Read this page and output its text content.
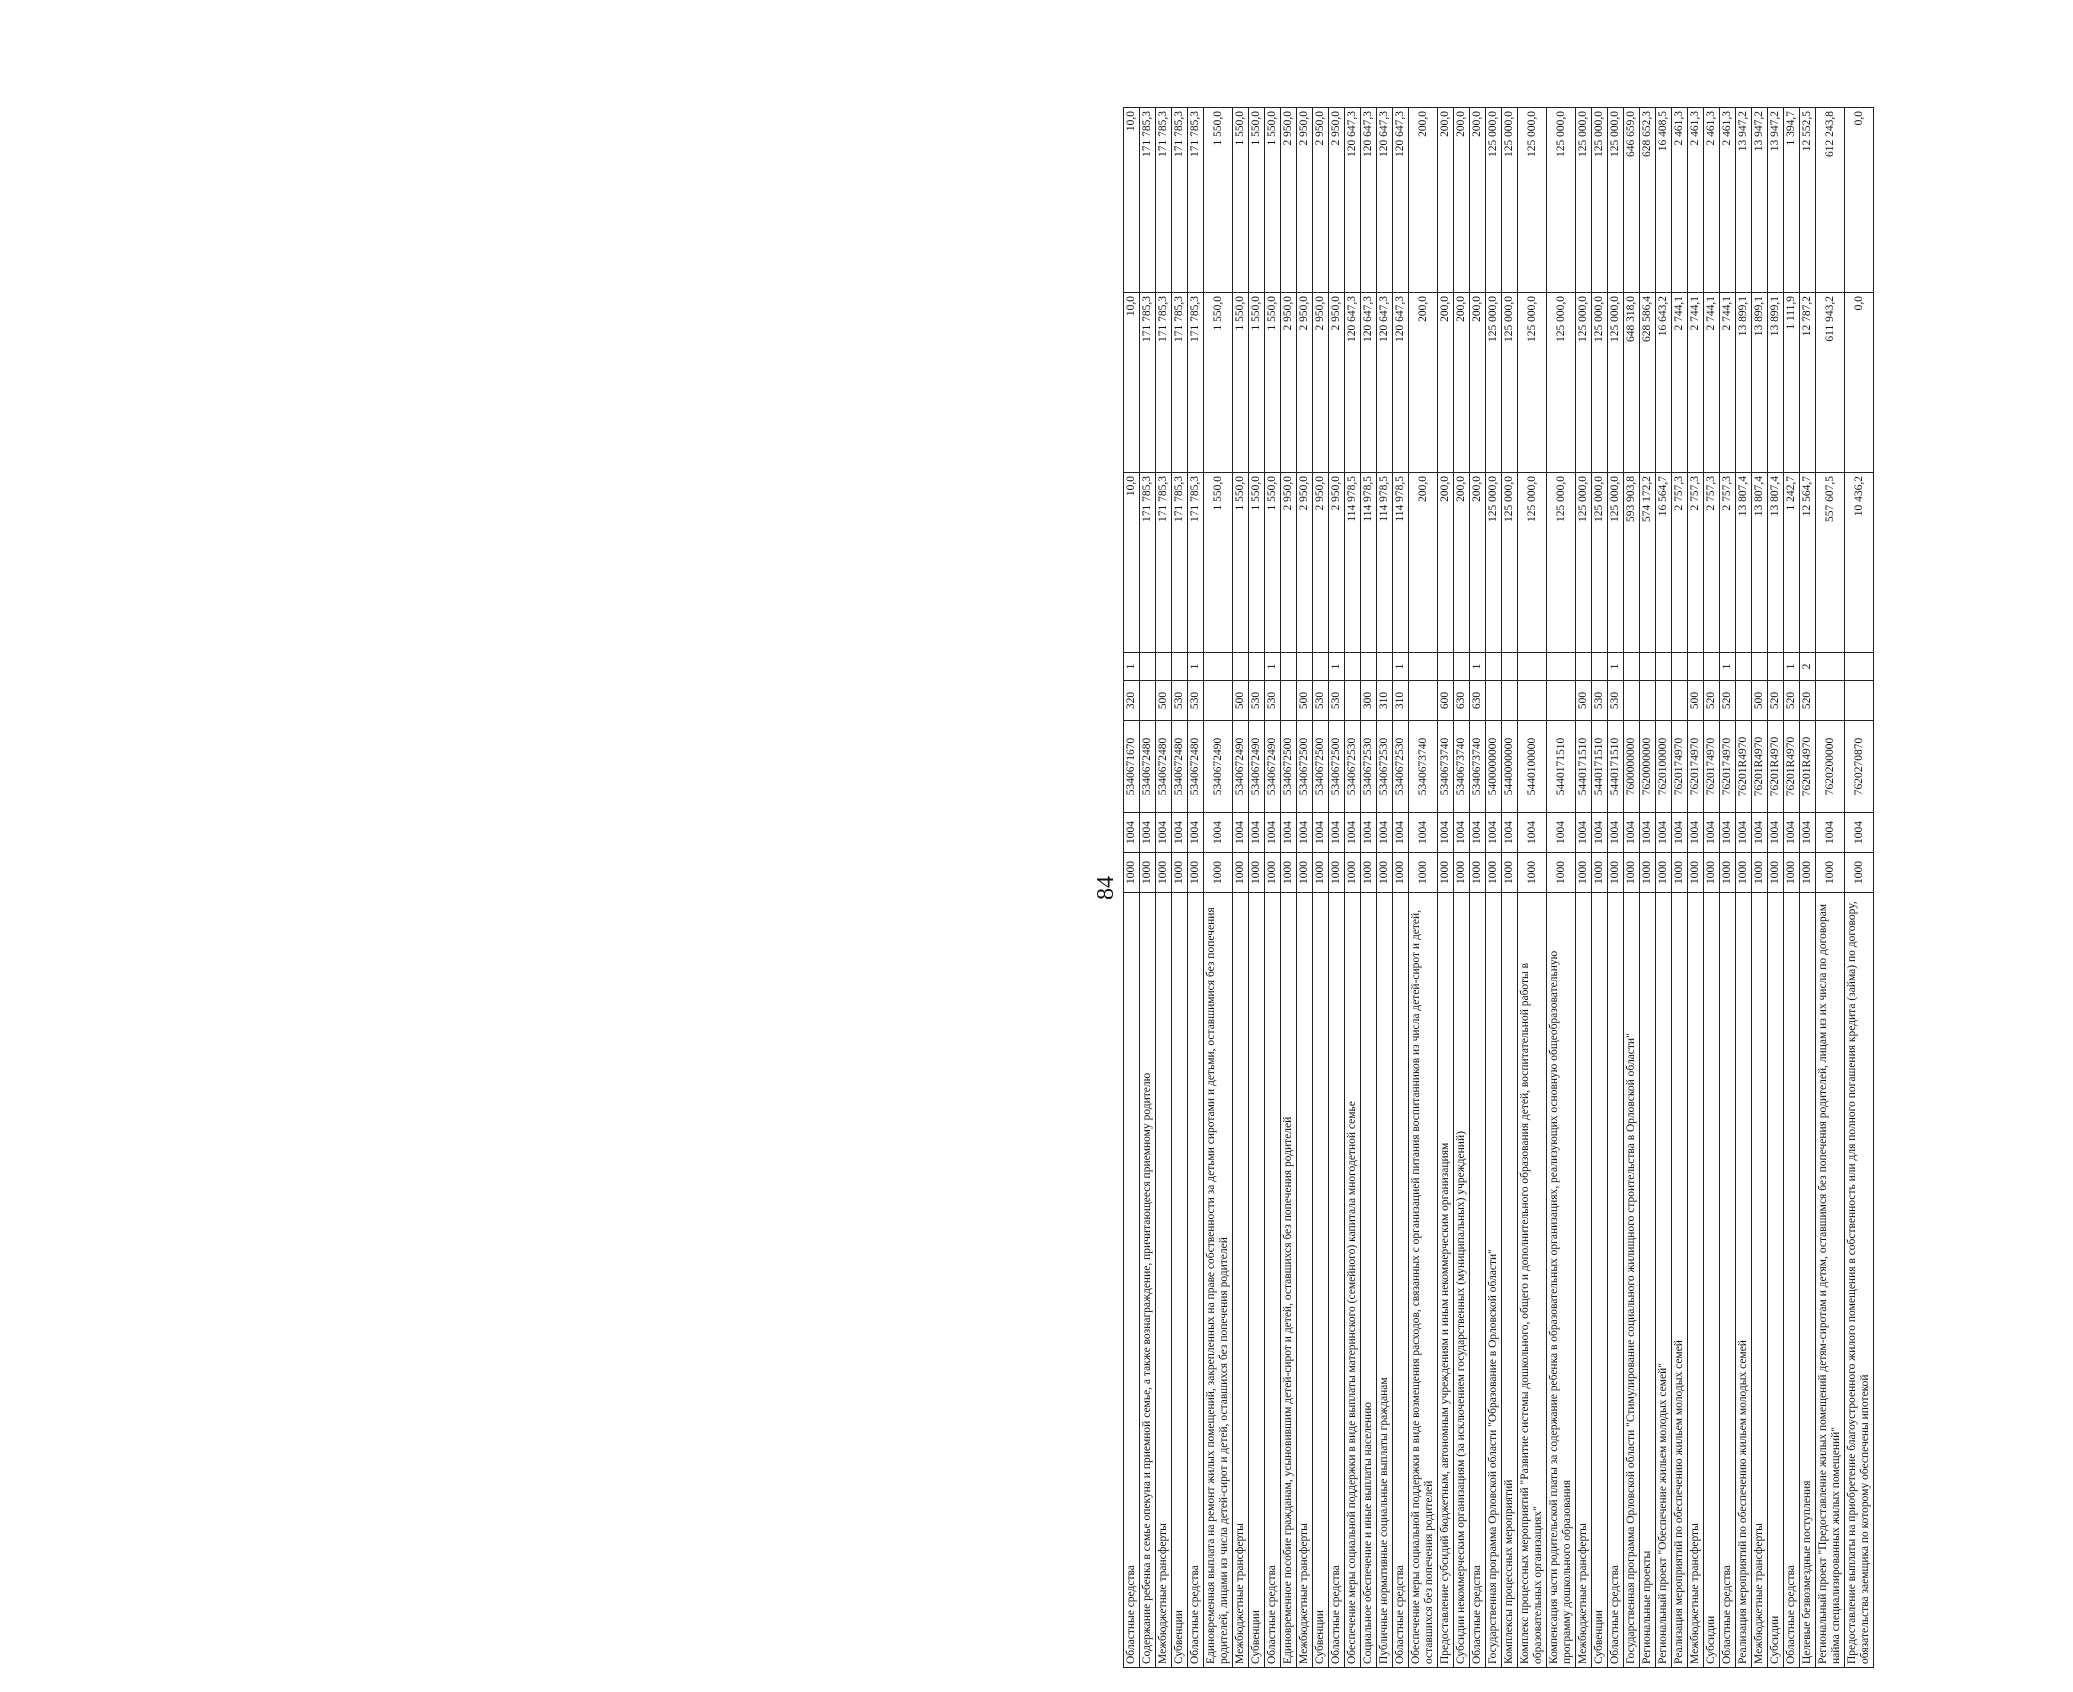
84
Областные средства	1000	1004	5340671670	320	1	10,0	10,0	10,0
Содержание ребенка в семье опекуна и приемной семье, а также вознаграждение, причитающееся приемному родителю	1000	1004	5340672480			171 785,3	171 785,3	171 785,3
Межбюджетные трансферты	1000	1004	5340672480	500		171 785,3	171 785,3	171 785,3
Субвенции	1000	1004	5340672480	530		171 785,3	171 785,3	171 785,3
Областные средства	1000	1004	5340672480	530	1	171 785,3	171 785,3	171 785,3
Единовременная выплата на ремонт жилых помещений, закрепленных на праве собственности за детьми сиротами и детьми, оставшимися без попечения родителей, лицами из числа детей-сирот и детей, оставшихся без попечения родителей	1000	1004	5340672490			1 550,0	1 550,0	1 550,0
Межбюджетные трансферты	1000	1004	5340672490	500		1 550,0	1 550,0	1 550,0
Субвенции	1000	1004	5340672490	530		1 550,0	1 550,0	1 550,0
Областные средства	1000	1004	5340672490	530	1	1 550,0	1 550,0	1 550,0
Единовременное пособие гражданам, усыновившим детей-сирот и детей, оставшихся без попечения родителей	1000	1004	5340672500			2 950,0	2 950,0	2 950,0
Межбюджетные трансферты	1000	1004	5340672500	500		2 950,0	2 950,0	2 950,0
Субвенции	1000	1004	5340672500	530		2 950,0	2 950,0	2 950,0
Областные средства	1000	1004	5340672500	530	1	2 950,0	2 950,0	2 950,0
Обеспечение меры социальной поддержки в виде выплаты материнского (семейного) капитала многодетной семье	1000	1004	5340672530			114 978,5	120 647,3	120 647,3
Социальное обеспечение и иные выплаты населению	1000	1004	5340672530	300		114 978,5	120 647,3	120 647,3
Публичные нормативные социальные выплаты гражданам	1000	1004	5340672530	310		114 978,5	120 647,3	120 647,3
Областные средства	1000	1004	5340672530	310	1	114 978,5	120 647,3	120 647,3
Обеспечение меры социальной поддержки в виде возмещения расходов, связанных с организацией питания воспитанников из числа детей-сирот и детей, оставшихся без попечения родителей	1000	1004	5340673740			200,0	200,0	200,0
Предоставление субсидий бюджетным, автономным учреждениям и иным некоммерческим организациям	1000	1004	5340673740	600		200,0	200,0	200,0
Субсидии некоммерческим организациям (за исключением государственных (муниципальных) учреждений)	1000	1004	5340673740	630		200,0	200,0	200,0
Областные средства	1000	1004	5340673740	630	1	200,0	200,0	200,0
Государственная программа Орловской области "Образование в Орловской области"	1000	1004	5400000000			125 000,0	125 000,0	125 000,0
Комплексы процессных мероприятий	1000	1004	5440000000			125 000,0	125 000,0	125 000,0
Комплекс процессных мероприятий "Развитие системы дошкольного, общего и дополнительного образования детей, воспитательной работы в образовательных организациях"	1000	1004	5440100000			125 000,0	125 000,0	125 000,0
Компенсация части родительской платы за содержание ребенка в образовательных организациях, реализующих основную общеобразовательную программу дошкольного образования	1000	1004	5440171510			125 000,0	125 000,0	125 000,0
Межбюджетные трансферты	1000	1004	5440171510	500		125 000,0	125 000,0	125 000,0
Субвенции	1000	1004	5440171510	530		125 000,0	125 000,0	125 000,0
Областные средства	1000	1004	5440171510	530	1	125 000,0	125 000,0	125 000,0
Государственная программа Орловской области "Стимулирование социального жилищного строительства в Орловской области"	1000	1004	7600000000			593 903,8	648 318,0	646 659,0
Региональные проекты	1000	1004	7620000000			574 172,2	628 586,4	628 652,3
Региональный проект "Обеспечение жильем молодых семей"	1000	1004	7620100000			16 564,7	16 643,2	16 408,5
Реализация мероприятий по обеспечению жильем молодых семей	1000	1004	7620174970			2 757,3	2 744,1	2 461,3
Межбюджетные трансферты	1000	1004	7620174970	500		2 757,3	2 744,1	2 461,3
Субсидии	1000	1004	7620174970	520		2 757,3	2 744,1	2 461,3
Областные средства	1000	1004	7620174970	520	1	2 757,3	2 744,1	2 461,3
Реализация мероприятий по обеспечению жильем молодых семей	1000	1004	76201R4970			13 807,4	13 899,1	13 947,2
Межбюджетные трансферты	1000	1004	76201R4970	500		13 807,4	13 899,1	13 947,2
Субсидии	1000	1004	76201R4970	520		13 807,4	13 899,1	13 947,2
Областные средства	1000	1004	76201R4970	520	1	1 242,7	1 111,9	1 394,7
Целевые безвозмездные поступления	1000	1004	76201R4970	520	2	12 564,7	12 787,2	12 552,5
Региональный проект "Предоставление жилых помещений детям-сиротам и детям, оставшимся без попечения родителей, лицам из их числа по договорам найма специализированных жилых помещений"	1000	1004	7620200000			557 607,5	611 943,2	612 243,8
Предоставление выплаты на приобретение благоустроенного жилого помещения в собственность или для полного погашения кредита (займа) по договору, обязательства заемщика по которому обеспечены ипотекой	1000	1004	7620270870			10 436,2	0,0	0,0
